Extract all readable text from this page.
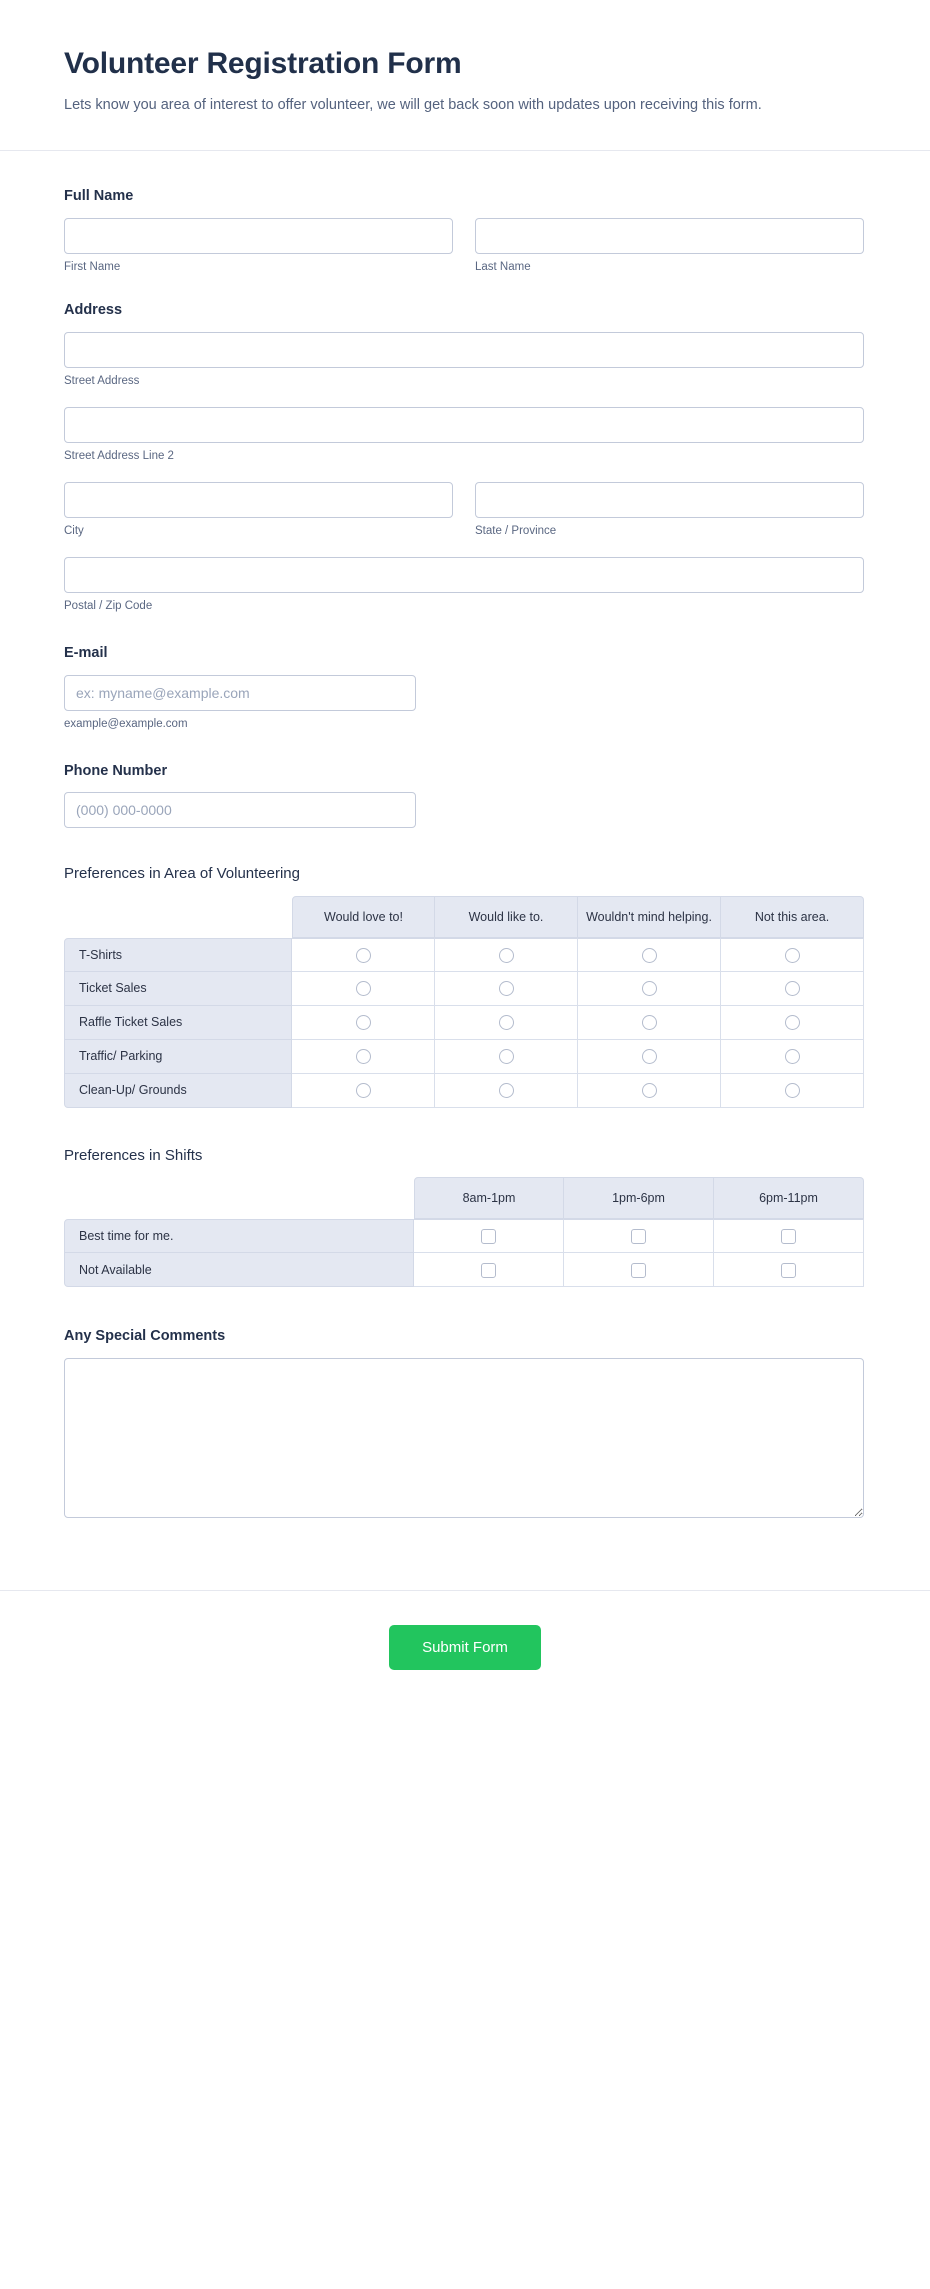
Volunteer Registration Form

Lets know you area of interest to offer volunteer, we will get back soon with updates upon receiving this form.

Full Name
First Name	Last Name
Address
Street Address
Street Address Line 2
City	State / Province
Postal / Zip Code
E-mail
ex: myname@example.com
example@example.com
Phone Number
(000) 000-0000
Preferences in Area of Volunteering
	Would love to!	Would like to.	Wouldn't mind helping.	Not this area.
T-Shirts				
Ticket Sales				
Raffle Ticket Sales				
Traffic/ Parking				
Clean-Up/ Grounds				
Preferences in Shifts
	8am-1pm	1pm-6pm	6pm-11pm
Best time for me.			
Not Available			
Any Special Comments
Submit Form
